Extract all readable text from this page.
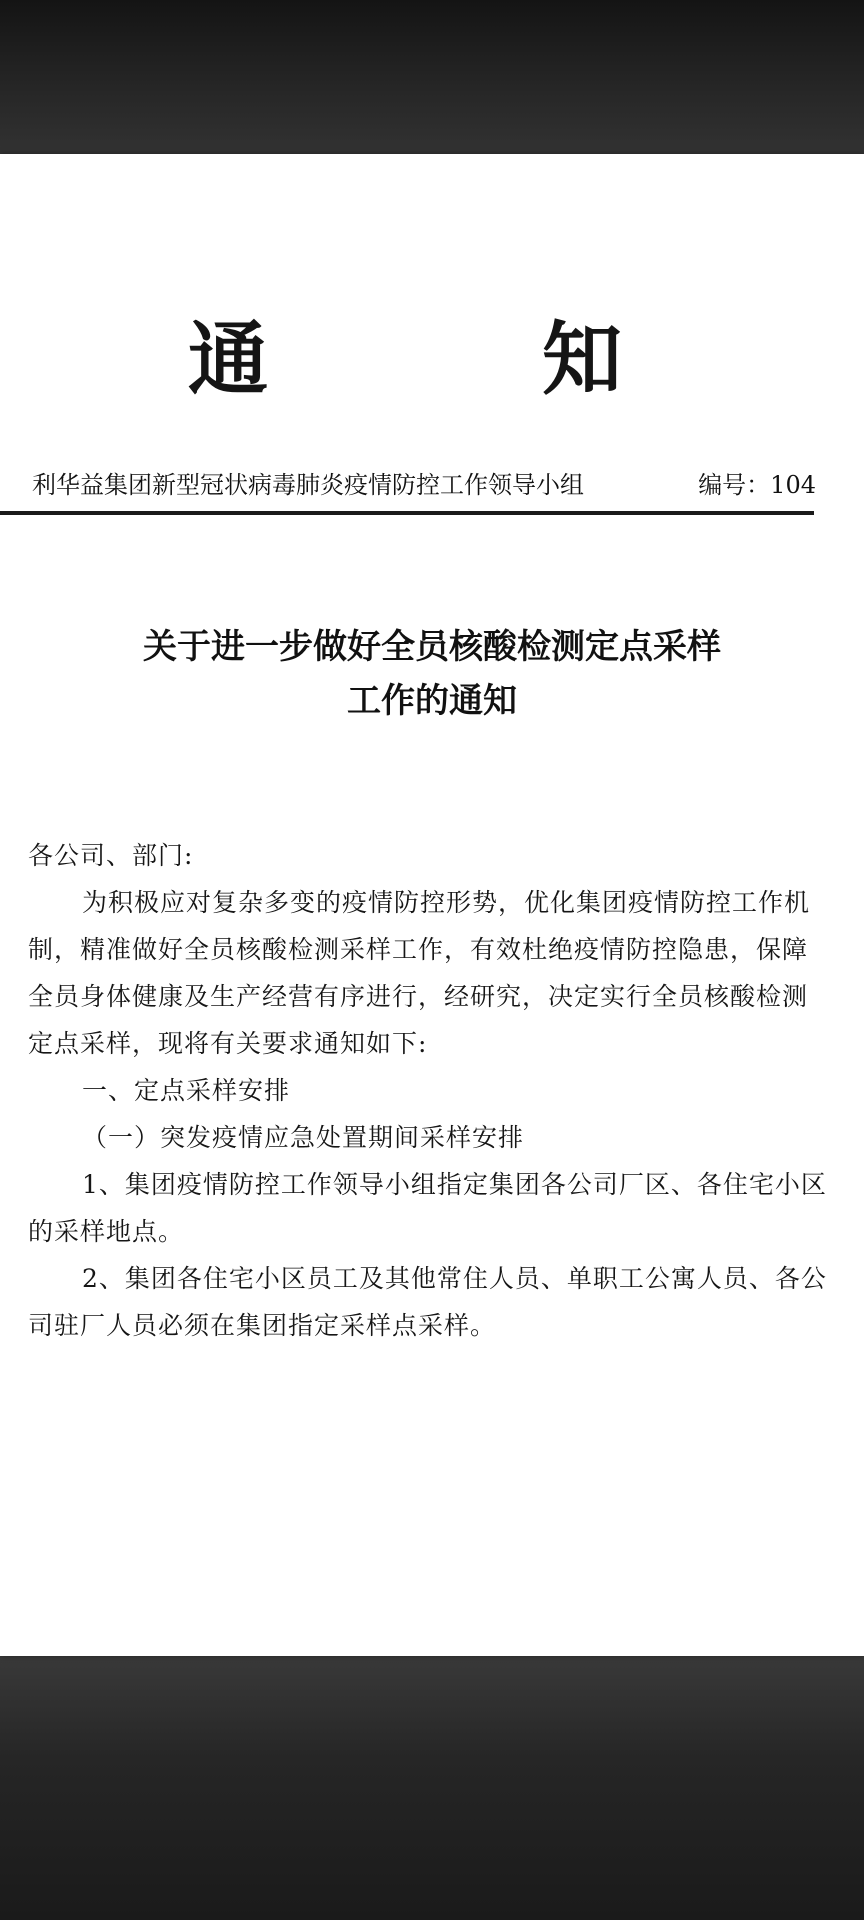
通	知
利华益集团新型冠状病毒肺炎疫情防控工作领导小组	编号：104
关于进一步做好全员核酸检测定点采样
工作的通知

各公司、部门:

为积极应对复杂多变的疫情防控形势，优化集团疫情防控工作机制，精准做好全员核酸检测采样工作，有效杜绝疫情防控隐患，保障全员身体健康及生产经营有序进行，经研究，决定实行全员核酸检测定点采样，现将有关要求通知如下:

一、定点采样安排

（一）突发疫情应急处置期间采样安排

1、集团疫情防控工作领导小组指定集团各公司厂区、各住宅小区的采样地点。

2、集团各住宅小区员工及其他常住人员、单职工公寓人员、各公司驻厂人员必须在集团指定采样点采样。
